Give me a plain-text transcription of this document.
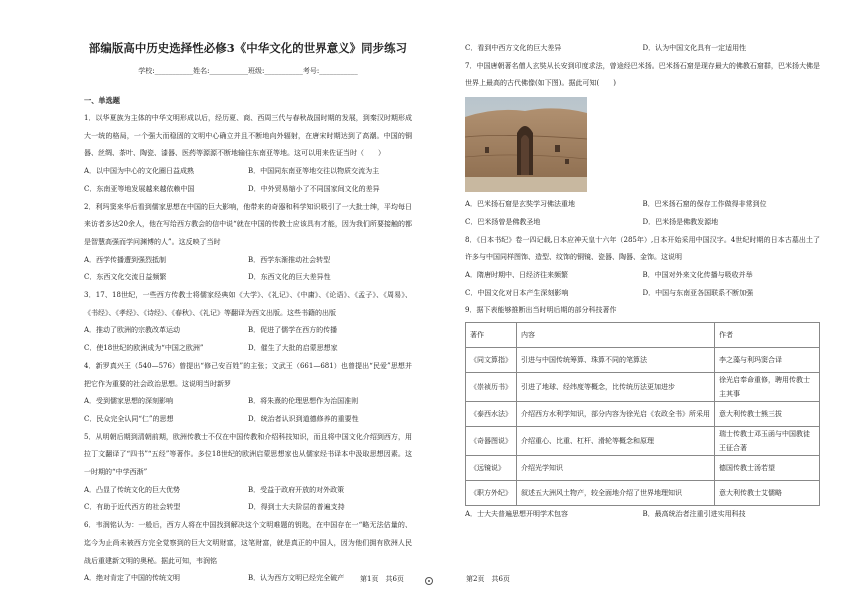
部编版高中历史选择性必修3《中华文化的世界意义》同步练习
学校:___________姓名:___________班级:___________考号:___________
一、单选题
1．以华夏族为主体的中华文明形成以后，经历夏、商、西周三代与春秋战国时期的发展，到秦汉时期形成大一统的格局，一个强大而稳固的文明中心确立并且不断地向外辐射，在唐宋时期达到了高潮。中国的铜器、丝绸、茶叶、陶瓷、漆器、医药等源源不断地输往东南亚等地。这可以用来佐证当时（　　）
A．以中国为中心的文化圈日益成熟	B．中国同东南亚等地交往以物质交流为主
C．东南亚等地发展越来越依赖中国	D．中外贸易缩小了不同国家间文化的差异
2．利玛窦来华后看到儒家思想在中国的巨大影响，他带来的奇器和科学知识吸引了一大批士绅，平均每日来访者多达20余人，他在写给西方教会的信中说“就在中国的传教士应该具有才能，因为我们所要接触的都是智慧高强而学问渊博的人”。这反映了当时
A．西学传播遭到强烈抵制	B．西学东渐推动社会转型
C．东西文化交流日益频繁	D．东西文化的巨大差异性
3．17、18世纪，一些西方传教士将儒家经典如《大学》、《礼记》、《中庸》、《论语》、《孟子》、《周易》、《书经》、《孝经》、《诗经》、《春秋》、《礼记》等翻译为西文出版。这些书籍的出版
A．推动了欧洲的宗教改革运动	B．促进了儒学在西方的传播
C．使18世纪的欧洲成为“中国之欧洲”	D．催生了大批的启蒙思想家
4．新罗真兴王（540—576）曾提出“修己安百姓”的主张；文武王（661—681）也曾提出“民爱”思想并把它作为重要的社会政治思想。这说明当时新罗
A．受到儒家思想的深刻影响	B．将朱熹的伦理思想作为治国准则
C．民众完全认同“仁”的思想	D．统治者认识到道德修养的重要性
5．从明朝后期到清朝前期，欧洲传教士不仅在中国传教和介绍科技知识，而且将中国文化介绍到西方，用拉丁文翻译了“四书”“五经”等著作。多位18世纪的欧洲启蒙思想家也从儒家经书译本中汲取思想因素。这一时期的“中学西渐”
A．凸显了传统文化的巨大优势	B．受益于政府开放的对外政策
C．有助于近代西方的社会转型	D．得到士大夫阶层的普遍支持
6．韦润铭认为：一般后，西方人将在中国找到解决这个文明难题的钥匙，在中国存在一“略无法估量的、迄今为止尚未被西方完全觉察到的巨大文明财富，这笔财富，就是真正的中国人，因为他们拥有欧洲人民战后重建新文明的奥秘。据此可知，韦润铭
A．绝对肯定了中国的传统文明	B．认为西方文明已经完全破产
C．看到中西方文化的巨大差异	D．认为中国文化具有一定适用性
7．中国唐朝著名僧人玄奘从长安到印度求法，曾途经巴米扬。巴米扬石窟是现存最大的佛教石窟群，巴米扬大佛是世界上最高的古代佛像(如下图)。据此可知(　　)
A．巴米扬石窟是玄奘学习佛法重地	B．巴米扬石窟的保存工作做得非常到位
C．巴米扬曾是佛教圣地	D．巴米扬是佛教发源地
8．《日本书纪》卷一四记载,日本应神天皇十六年（285年）,日本开始采用中国汉字。4世纪时期的日本古墓出土了许多与中国同样图饰、造型、纹饰的铜镜、瓷器、陶器、金饰。这说明
A．隋唐时期中、日经济往来频繁	B．中国对外来文化传播与吸收并举
C．中国文化对日本产生深刻影响	D．中国与东南亚各国联系不断加强
9．据下表能够推断出当时明后期的部分科技著作
著作	内容	作者
《同文算指》	引进与中国传统筹算、珠算不同的笔算法	李之藻与利玛窦合译
《崇祯历书》	引进了地球、经纬度等概念，比传统历法更加进步	徐光启奉命重修，聘用传教士主其事
《泰西水法》	介绍西方水利学知识，部分内容为徐光启《农政全书》所采用	意大利传教士熊三拔
《奇器图说》	介绍重心、比重、杠杆、滑轮等概念和原理	瑞士传教士邓玉函与中国教徒王征合著
《远镜说》	介绍光学知识	德国传教士汤若望
《职方外纪》	叙述五大洲风土物产，较全面地介绍了世界地理知识	意大利传教士艾儒略
A．士大夫普遍思想开明学术包容	B．最高统治者注重引进实用科技
第1页　共6页	第2页　共6页
